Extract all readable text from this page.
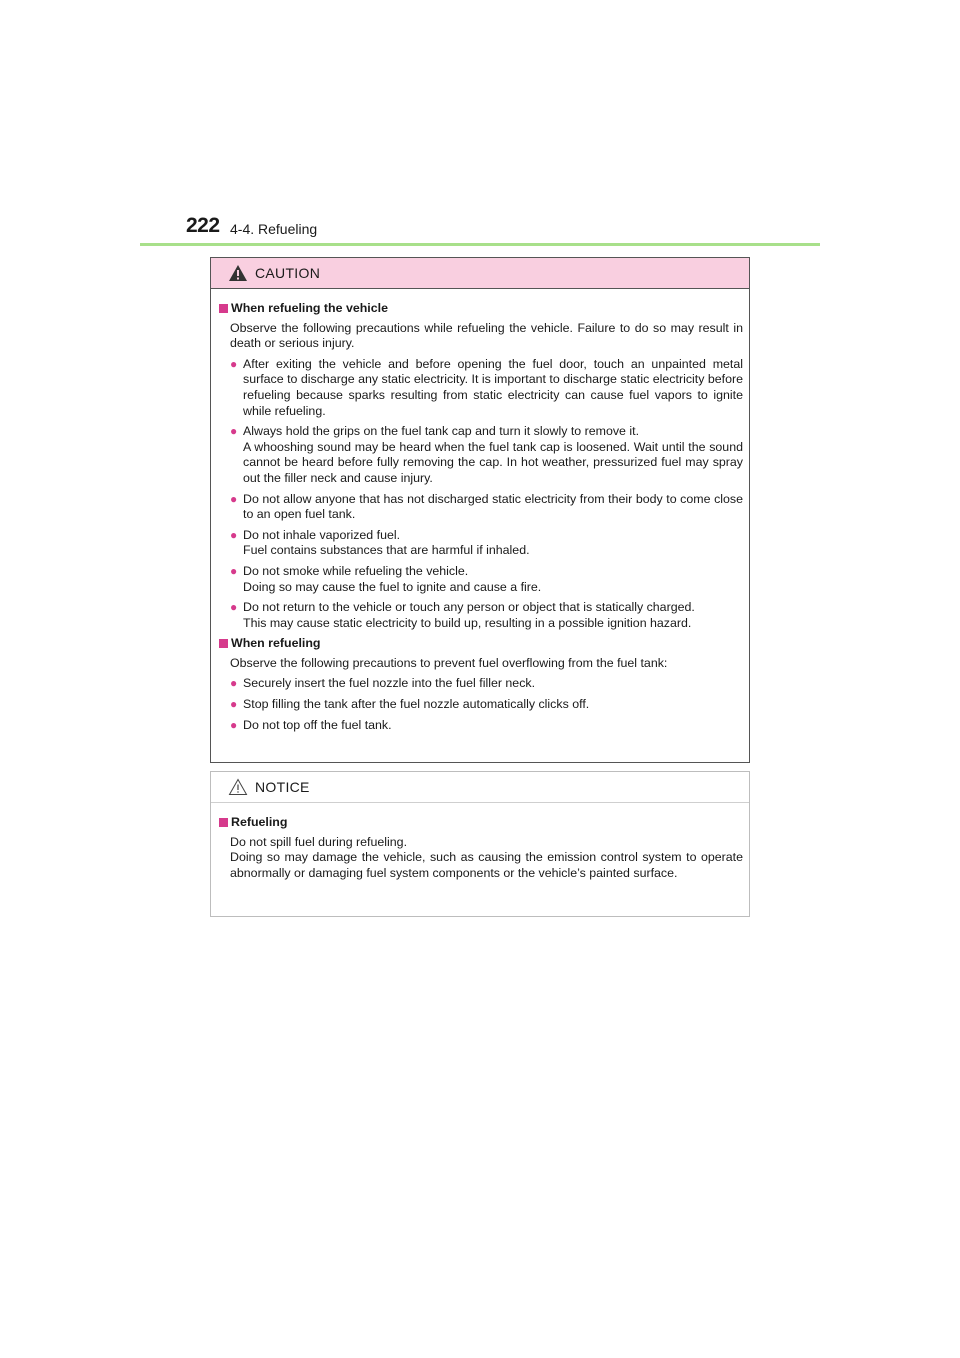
222 4-4. Refueling
CAUTION
When refueling the vehicle
Observe the following precautions while refueling the vehicle. Failure to do so may result in death or serious injury.
● After exiting the vehicle and before opening the fuel door, touch an unpainted metal surface to discharge any static electricity. It is important to discharge static electricity before refueling because sparks resulting from static electricity can cause fuel vapors to ignite while refueling.
● Always hold the grips on the fuel tank cap and turn it slowly to remove it.
A whooshing sound may be heard when the fuel tank cap is loosened. Wait until the sound cannot be heard before fully removing the cap. In hot weather, pressurized fuel may spray out the filler neck and cause injury.
● Do not allow anyone that has not discharged static electricity from their body to come close to an open fuel tank.
● Do not inhale vaporized fuel.
Fuel contains substances that are harmful if inhaled.
● Do not smoke while refueling the vehicle.
Doing so may cause the fuel to ignite and cause a fire.
● Do not return to the vehicle or touch any person or object that is statically charged.
This may cause static electricity to build up, resulting in a possible ignition hazard.
When refueling
Observe the following precautions to prevent fuel overflowing from the fuel tank:
● Securely insert the fuel nozzle into the fuel filler neck.
● Stop filling the tank after the fuel nozzle automatically clicks off.
● Do not top off the fuel tank.
NOTICE
Refueling
Do not spill fuel during refueling.
Doing so may damage the vehicle, such as causing the emission control system to operate abnormally or damaging fuel system components or the vehicle’s painted surface.
